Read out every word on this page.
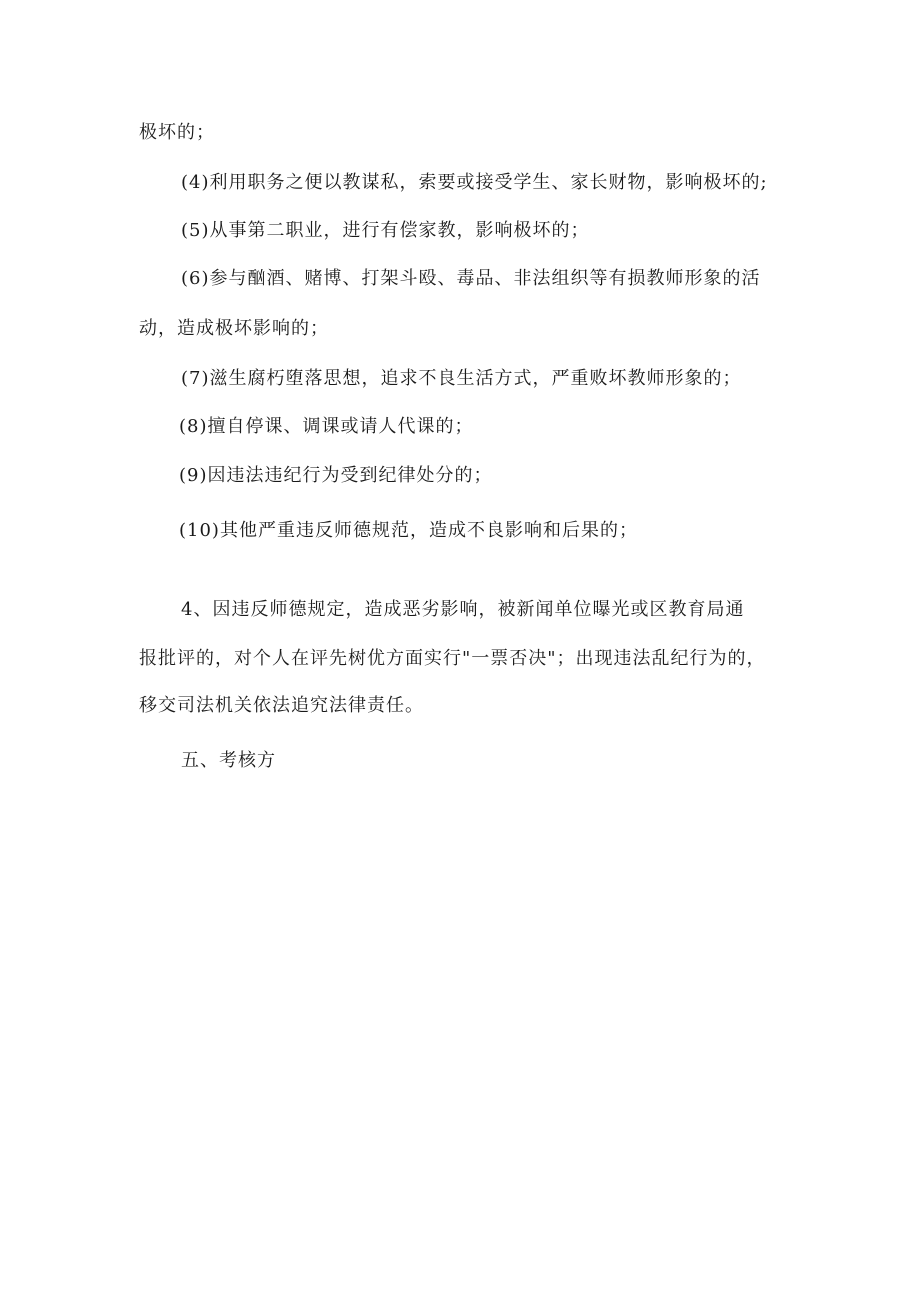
极坏的；
(4)利用职务之便以教谋私，索要或接受学生、家长财物，影响极坏的;
(5)从事第二职业，进行有偿家教，影响极坏的；
(6)参与酗酒、赌博、打架斗殴、毒品、非法组织等有损教师形象的活
动，造成极坏影响的；
(7)滋生腐朽堕落思想，追求不良生活方式，严重败坏教师形象的；
(8)擅自停课、调课或请人代课的；
(9)因违法违纪行为受到纪律处分的；
(10)其他严重违反师德规范，造成不良影响和后果的；
4、因违反师德规定，造成恶劣影响，被新闻单位曝光或区教育局通
报批评的，对个人在评先树优方面实行"一票否决"；出现违法乱纪行为的，
移交司法机关依法追究法律责任。
五、考核方
